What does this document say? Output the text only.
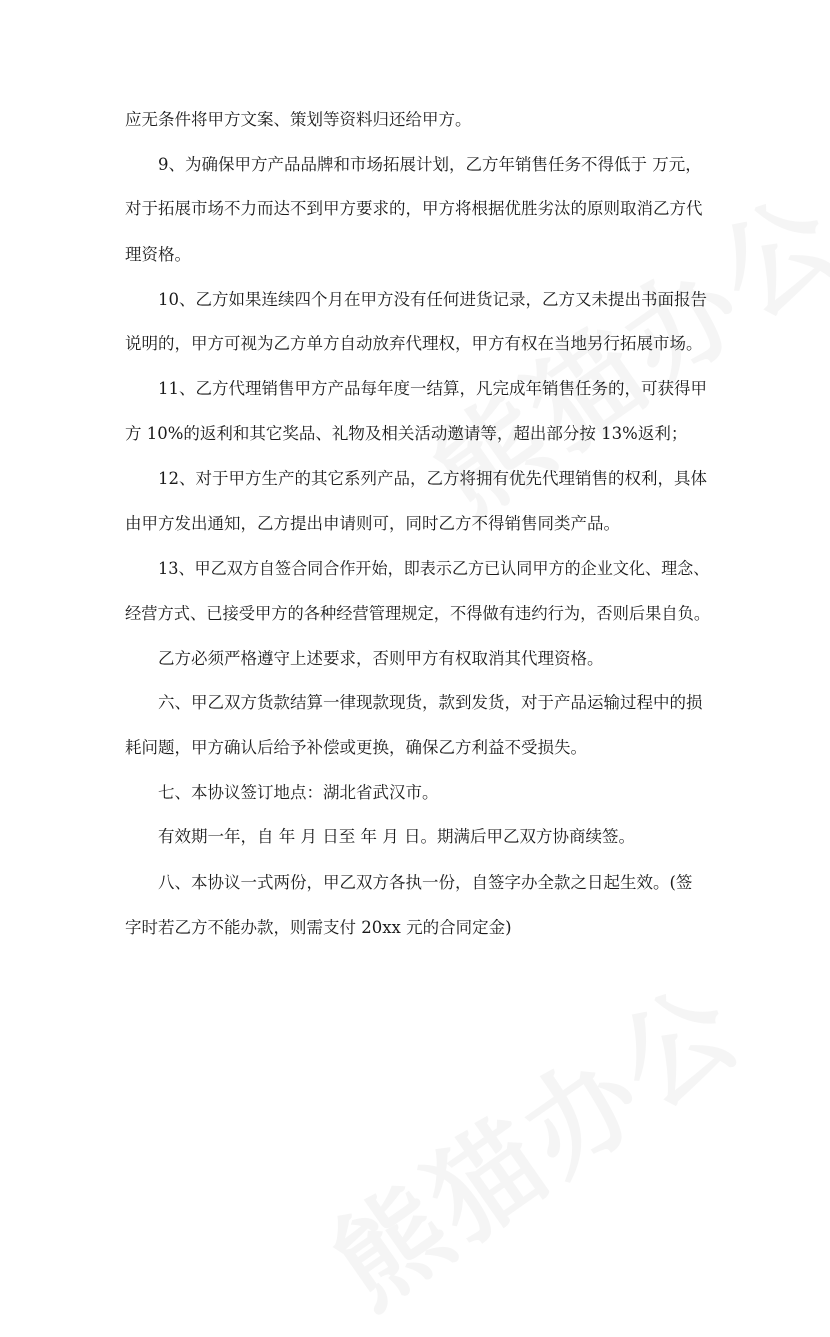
应无条件将甲方文案、策划等资料归还给甲方。
9、为确保甲方产品品牌和市场拓展计划，乙方年销售任务不得低于 万元，
对于拓展市场不力而达不到甲方要求的，甲方将根据优胜劣汰的原则取消乙方代
理资格。
10、乙方如果连续四个月在甲方没有任何进货记录，乙方又未提出书面报告
说明的，甲方可视为乙方单方自动放弃代理权，甲方有权在当地另行拓展市场。
11、乙方代理销售甲方产品每年度一结算，凡完成年销售任务的，可获得甲
方 10%的返利和其它奖品、礼物及相关活动邀请等，超出部分按 13%返利；
12、对于甲方生产的其它系列产品，乙方将拥有优先代理销售的权利，具体
由甲方发出通知，乙方提出申请则可，同时乙方不得销售同类产品。
13、甲乙双方自签合同合作开始，即表示乙方已认同甲方的企业文化、理念、
经营方式、已接受甲方的各种经营管理规定，不得做有违约行为，否则后果自负。
乙方必须严格遵守上述要求，否则甲方有权取消其代理资格。
六、甲乙双方货款结算一律现款现货，款到发货，对于产品运输过程中的损
耗问题，甲方确认后给予补偿或更换，确保乙方利益不受损失。
七、本协议签订地点：湖北省武汉市。
有效期一年，自 年 月 日至 年 月 日。期满后甲乙双方协商续签。
八、本协议一式两份，甲乙双方各执一份，自签字办全款之日起生效。(签
字时若乙方不能办款，则需支付 20xx 元的合同定金)
